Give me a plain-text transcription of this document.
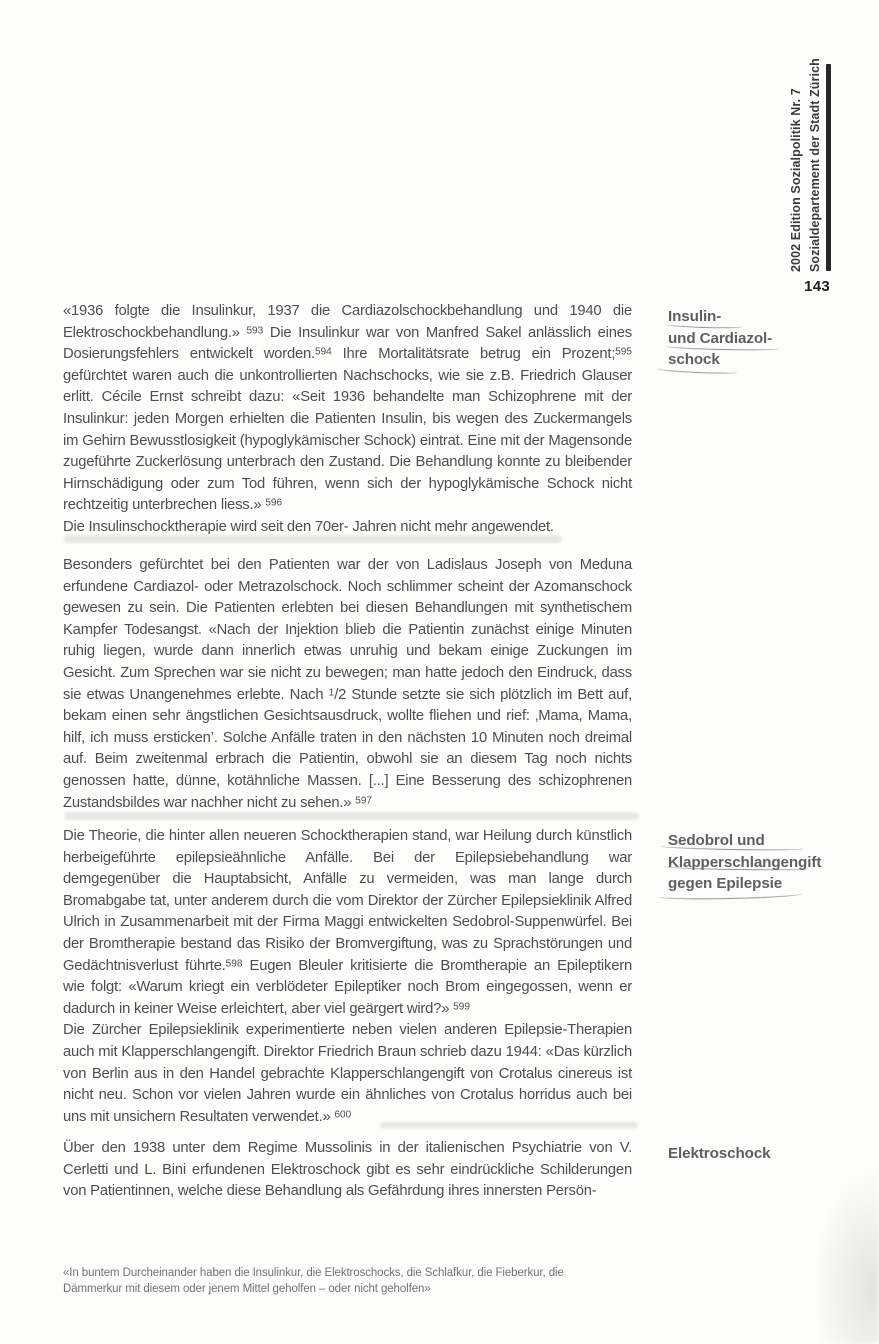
2002 Edition Sozialpolitik Nr. 7 Sozialdepartement der Stadt Zürich
143
Insulin-
und Cardiazol-
schock
Sedobrol und
Klapperschlangengift
gegen Epilepsie
Elektroschock

«1936 folgte die Insulinkur, 1937 die Cardiazolschockbehandlung und 1940 die Elektroschockbehandlung.» $^{593}$ Die Insulinkur war von Manfred Sakel anlässlich eines Dosierungsfehlers entwickelt worden.$^{594}$ Ihre Mortalitätsrate betrug ein Prozent;$^{595}$ gefürchtet waren auch die unkontrollierten Nachschocks, wie sie z.B. Friedrich Glauser erlitt. Cécile Ernst schreibt dazu: «Seit 1936 behandelte man Schizophrene mit der Insulinkur: jeden Morgen erhielten die Patienten Insulin, bis wegen des Zuckermangels im Gehirn Bewusstlosigkeit (hypoglykämischer Schock) eintrat. Eine mit der Magensonde zugeführte Zuckerlösung unterbrach den Zustand. Die Behandlung konnte zu bleibender Hirnschädigung oder zum Tod führen, wenn sich der hypoglykämische Schock nicht rechtzeitig unterbrechen liess.» $^{596}$
Die Insulinschocktherapie wird seit den 70er- Jahren nicht mehr angewendet.

Besonders gefürchtet bei den Patienten war der von Ladislaus Joseph von Meduna erfundene Cardiazol- oder Metrazolschock. Noch schlimmer scheint der Azomanschock gewesen zu sein. Die Patienten erlebten bei diesen Behandlungen mit synthetischem Kampfer Todesangst. «Nach der Injektion blieb die Patientin zunächst einige Minuten ruhig liegen, wurde dann innerlich etwas unruhig und bekam einige Zuckungen im Gesicht. Zum Sprechen war sie nicht zu bewegen; man hatte jedoch den Eindruck, dass sie etwas Unangenehmes erlebte. Nach $^1$/2 Stunde setzte sie sich plötzlich im Bett auf, bekam einen sehr ängstlichen Gesichtsausdruck, wollte fliehen und rief: ‚Mama, Mama, hilf, ich muss ersticken’. Solche Anfälle traten in den nächsten 10 Minuten noch dreimal auf. Beim zweitenmal erbrach die Patientin, obwohl sie an diesem Tag noch nichts genossen hatte, dünne, kotähnliche Massen. [...] Eine Besserung des schizophrenen Zustandsbildes war nachher nicht zu sehen.» $^{597}$

Die Theorie, die hinter allen neueren Schocktherapien stand, war Heilung durch künstlich herbeigeführte epilepsieähnliche Anfälle. Bei der Epilepsiebehandlung war demgegenüber die Hauptabsicht, Anfälle zu vermeiden, was man lange durch Bromabgabe tat, unter anderem durch die vom Direktor der Zürcher Epilepsieklinik Alfred Ulrich in Zusammenarbeit mit der Firma Maggi entwickelten Sedobrol-Suppenwürfel. Bei der Bromtherapie bestand das Risiko der Bromvergiftung, was zu Sprachstörungen und Gedächtnisverlust führte.$^{598}$ Eugen Bleuler kritisierte die Bromtherapie an Epileptikern wie folgt: «Warum kriegt ein verblödeter Epileptiker noch Brom eingegossen, wenn er dadurch in keiner Weise erleichtert, aber viel geärgert wird?» $^{599}$
Die Zürcher Epilepsieklinik experimentierte neben vielen anderen Epilepsie-Therapien auch mit Klapperschlangengift. Direktor Friedrich Braun schrieb dazu 1944: «Das kürzlich von Berlin aus in den Handel gebrachte Klapperschlangengift von Crotalus cinereus ist nicht neu. Schon vor vielen Jahren wurde ein ähnliches von Crotalus horridus auch bei uns mit unsichern Resultaten verwendet.» $^{600}$

Über den 1938 unter dem Regime Mussolinis in der italienischen Psychiatrie von V. Cerletti und L. Bini erfundenen Elektroschock gibt es sehr eindrückliche Schilderungen von Patientinnen, welche diese Behandlung als Gefährdung ihres innersten Persön-

«In buntem Durcheinander haben die Insulinkur, die Elektroschocks, die Schlafkur, die Fieberkur, die Dämmerkur mit diesem oder jenem Mittel geholfen – oder nicht geholfen»
